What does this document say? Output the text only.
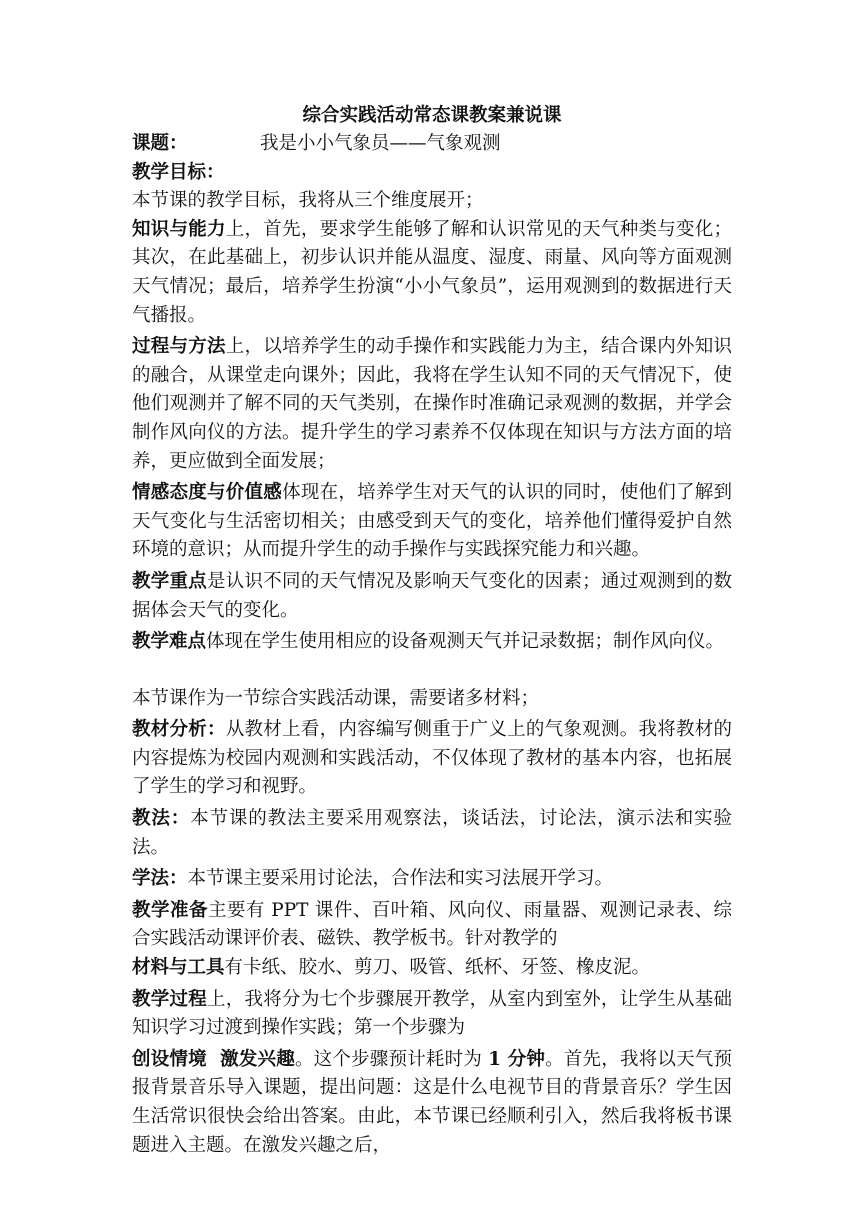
综合实践活动常态课教案兼说课

课题：	我是小小气象员——气象观测

教学目标：

本节课的教学目标，我将从三个维度展开；

知识与能力上，首先，要求学生能够了解和认识常见的天气种类与变化；其次，在此基础上，初步认识并能从温度、湿度、雨量、风向等方面观测天气情况；最后，培养学生扮演“小小气象员”，运用观测到的数据进行天气播报。

过程与方法上，以培养学生的动手操作和实践能力为主，结合课内外知识的融合，从课堂走向课外；因此，我将在学生认知不同的天气情况下，使他们观测并了解不同的天气类别，在操作时准确记录观测的数据，并学会制作风向仪的方法。提升学生的学习素养不仅体现在知识与方法方面的培养，更应做到全面发展；

情感态度与价值感体现在，培养学生对天气的认识的同时，使他们了解到天气变化与生活密切相关；由感受到天气的变化，培养他们懂得爱护自然环境的意识；从而提升学生的动手操作与实践探究能力和兴趣。

教学重点是认识不同的天气情况及影响天气变化的因素；通过观测到的数据体会天气的变化。

教学难点体现在学生使用相应的设备观测天气并记录数据；制作风向仪。

本节课作为一节综合实践活动课，需要诸多材料；

教材分析：从教材上看，内容编写侧重于广义上的气象观测。我将教材的内容提炼为校园内观测和实践活动，不仅体现了教材的基本内容，也拓展了学生的学习和视野。

教法：本节课的教法主要采用观察法，谈话法，讨论法，演示法和实验法。

学法：本节课主要采用讨论法，合作法和实习法展开学习。

教学准备主要有 PPT 课件、百叶箱、风向仪、雨量器、观测记录表、综合实践活动课评价表、磁铁、教学板书。针对教学的

材料与工具有卡纸、胶水、剪刀、吸管、纸杯、牙签、橡皮泥。

教学过程上，我将分为七个步骤展开教学，从室内到室外，让学生从基础知识学习过渡到操作实践；第一个步骤为

创设情境  激发兴趣。这个步骤预计耗时为 1 分钟。首先，我将以天气预报背景音乐导入课题，提出问题：这是什么电视节目的背景音乐？学生因生活常识很快会给出答案。由此，本节课已经顺利引入，然后我将板书课题进入主题。在激发兴趣之后，
